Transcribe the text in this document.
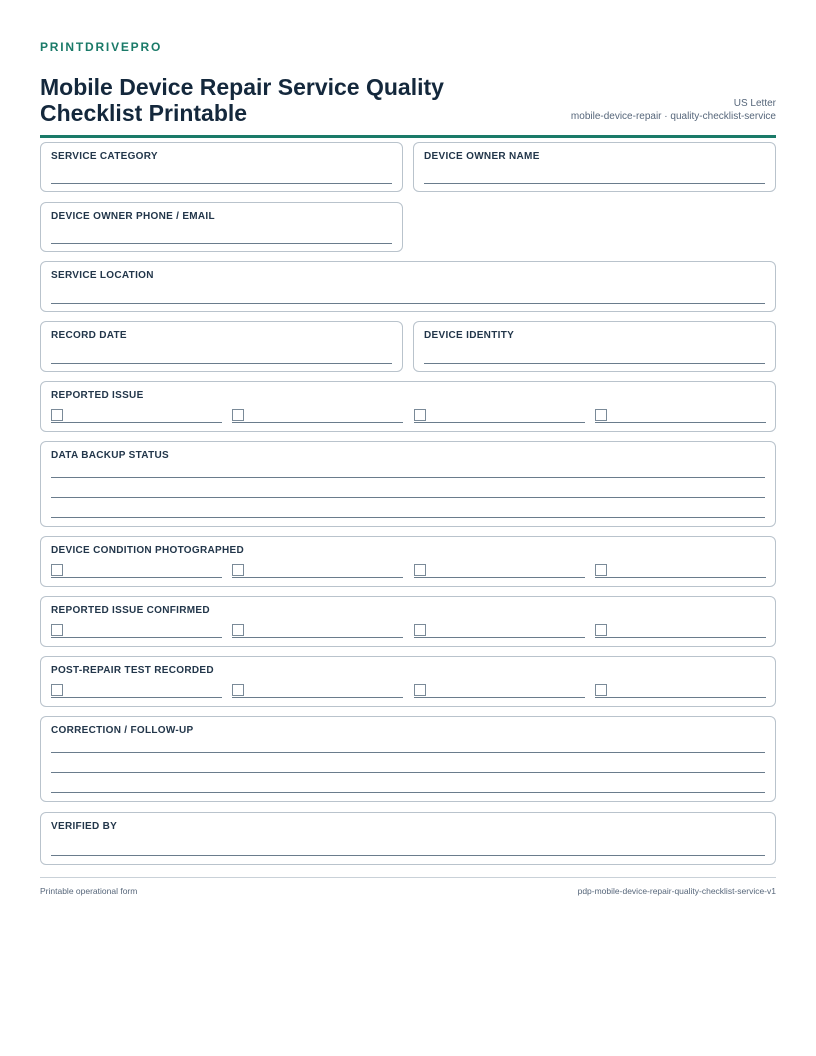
PRINTDRIVEPRO
Mobile Device Repair Service Quality Checklist Printable	US Letter
mobile-device-repair · quality-checklist-service
SERVICE CATEGORY	DEVICE OWNER NAME
DEVICE OWNER PHONE / EMAIL
SERVICE LOCATION
RECORD DATE	DEVICE IDENTITY
REPORTED ISSUE
DATA BACKUP STATUS
DEVICE CONDITION PHOTOGRAPHED
REPORTED ISSUE CONFIRMED
POST-REPAIR TEST RECORDED
CORRECTION / FOLLOW-UP
VERIFIED BY
Printable operational form	pdp-mobile-device-repair-quality-checklist-service-v1
